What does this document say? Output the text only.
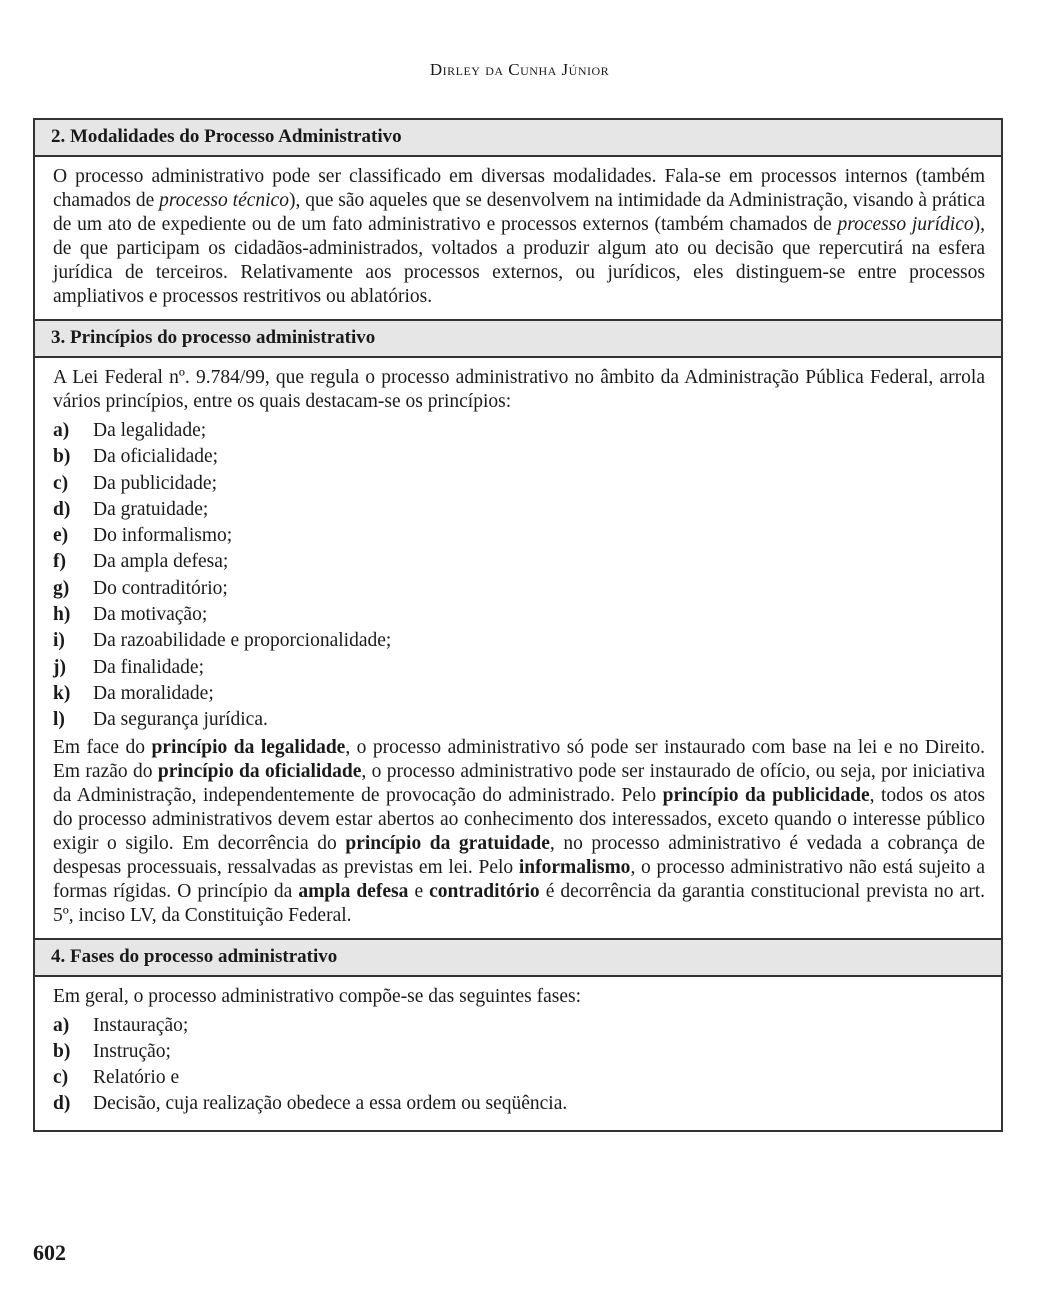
Dirley da Cunha Júnior
2. Modalidades do Processo Administrativo

O processo administrativo pode ser classificado em diversas modalidades. Fala-se em processos internos (também chamados de processo técnico), que são aqueles que se desenvolvem na intimidade da Administração, visando à prática de um ato de expediente ou de um fato administrativo e processos externos (também chamados de processo jurídico), de que participam os cidadãos-administrados, voltados a produzir algum ato ou decisão que repercutirá na esfera jurídica de terceiros. Relativamente aos processos externos, ou jurídicos, eles distinguem-se entre processos ampliativos e processos restritivos ou ablatórios.

3. Princípios do processo administrativo

A Lei Federal nº. 9.784/99, que regula o processo administrativo no âmbito da Administração Pública Federal, arrola vários princípios, entre os quais destacam-se os princípios:

a) Da legalidade;
b) Da oficialidade;
c) Da publicidade;
d) Da gratuidade;
e) Do informalismo;
f) Da ampla defesa;
g) Do contraditório;
h) Da motivação;
i) Da razoabilidade e proporcionalidade;
j) Da finalidade;
k) Da moralidade;
l) Da segurança jurídica.

Em face do princípio da legalidade, o processo administrativo só pode ser instaurado com base na lei e no Direito. Em razão do princípio da oficialidade, o processo administrativo pode ser instaurado de ofício, ou seja, por iniciativa da Administração, independentemente de provocação do administrado. Pelo princípio da publicidade, todos os atos do processo administrativos devem estar abertos ao conhecimento dos interessados, exceto quando o interesse público exigir o sigilo. Em decorrência do princípio da gratuidade, no processo administrativo é vedada a cobrança de despesas processuais, ressalvadas as previstas em lei. Pelo informalismo, o processo administrativo não está sujeito a formas rígidas. O princípio da ampla defesa e contraditório é decorrência da garantia constitucional prevista no art. 5º, inciso LV, da Constituição Federal.

4. Fases do processo administrativo

Em geral, o processo administrativo compõe-se das seguintes fases:

a) Instauração;
b) Instrução;
c) Relatório e
d) Decisão, cuja realização obedece a essa ordem ou seqüência.
602
